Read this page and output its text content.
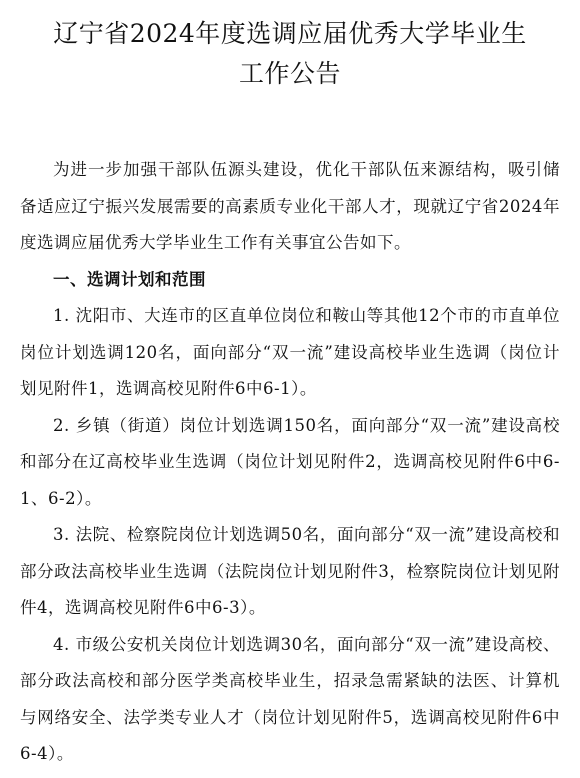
辽宁省2024年度选调应届优秀大学毕业生
工作公告

为进一步加强干部队伍源头建设，优化干部队伍来源结构，吸引储备适应辽宁振兴发展需要的高素质专业化干部人才，现就辽宁省2024年度选调应届优秀大学毕业生工作有关事宜公告如下。

一、选调计划和范围

1. 沈阳市、大连市的区直单位岗位和鞍山等其他12个市的市直单位岗位计划选调120名，面向部分“双一流”建设高校毕业生选调（岗位计划见附件1，选调高校见附件6中6-1）。

2. 乡镇（街道）岗位计划选调150名，面向部分“双一流”建设高校和部分在辽高校毕业生选调（岗位计划见附件2，选调高校见附件6中6-1、6-2）。

3. 法院、检察院岗位计划选调50名，面向部分“双一流”建设高校和部分政法高校毕业生选调（法院岗位计划见附件3，检察院岗位计划见附件4，选调高校见附件6中6-3）。

4. 市级公安机关岗位计划选调30名，面向部分“双一流”建设高校、部分政法高校和部分医学类高校毕业生，招录急需紧缺的法医、计算机与网络安全、法学类专业人才（岗位计划见附件5，选调高校见附件6中6-4）。
